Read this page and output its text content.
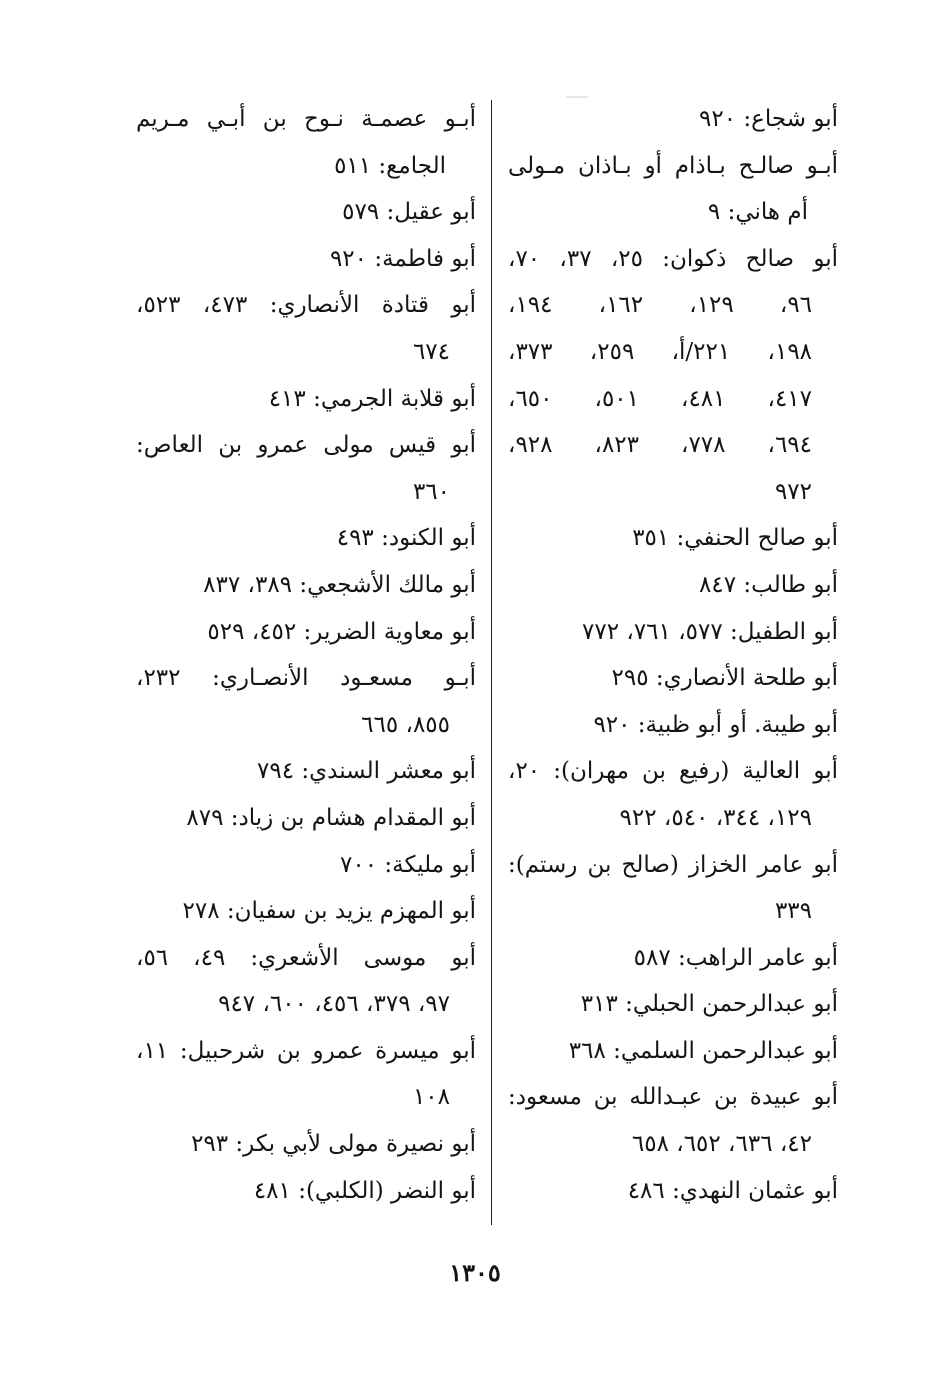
أبو شجاع: ٩٢٠
أبـو صالـح بـاذام أو بـاذان مـولى
أم هاني: ٩
أبو صالح ذكوان: ٢٥، ٣٧، ٧٠،
٩٦، ١٢٩، ١٦٢، ١٩٤،
١٩٨، ٢٢١/أ، ٢٥٩، ٣٧٣،
٤١٧، ٤٨١، ٥٠١، ٦٥٠،
٦٩٤، ٧٧٨، ٨٢٣، ٩٢٨،
٩٧٢
أبو صالح الحنفي: ٣٥١
أبو طالب: ٨٤٧
أبو الطفيل: ٥٧٧، ٧٦١، ٧٧٢
أبو طلحة الأنصاري: ٢٩٥
أبو طيبة. أو أبو ظبية: ٩٢٠
أبو العالية (رفيع بن مهران): ٢٠،
١٢٩، ٣٤٤، ٥٤٠، ٩٢٢
أبو عامر الخزاز (صالح بن رستم):
٣٣٩
أبو عامر الراهب: ٥٨٧
أبو عبدالرحمن الحبلي: ٣١٣
أبو عبدالرحمن السلمي: ٣٦٨
أبو عبيدة بن عبـدالله بن مسعود:
٤٢، ٦٣٦، ٦٥٢، ٦٥٨
أبو عثمان النهدي: ٤٨٦
أبـو عصمـة نـوح بن أبـي مـريم
الجامع: ٥١١
أبو عقيل: ٥٧٩
أبو فاطمة: ٩٢٠
أبو قتادة الأنصاري: ٤٧٣، ٥٢٣،
٦٧٤
أبو قلابة الجرمي: ٤١٣
أبو قيس مولى عمرو بن العاص:
٣٦٠
أبو الكنود: ٤٩٣
أبو مالك الأشجعي: ٣٨٩، ٨٣٧
أبو معاوية الضرير: ٤٥٢، ٥٢٩
أبـو مسعـود الأنصـاري: ٢٣٢،
٨٥٥، ٦٦٥
أبو معشر السندي: ٧٩٤
أبو المقدام هشام بن زياد: ٨٧٩
أبو مليكة: ٧٠٠
أبو المهزم يزيد بن سفيان: ٢٧٨
أبو موسى الأشعري: ٤٩، ٥٦،
٩٧، ٣٧٩، ٤٥٦، ٦٠٠، ٩٤٧
أبو ميسرة عمرو بن شرحبيل: ١١،
١٠٨
أبو نصيرة مولى لأبي بكر: ٢٩٣
أبو النضر (الكلبي): ٤٨١
١٣٠٥
